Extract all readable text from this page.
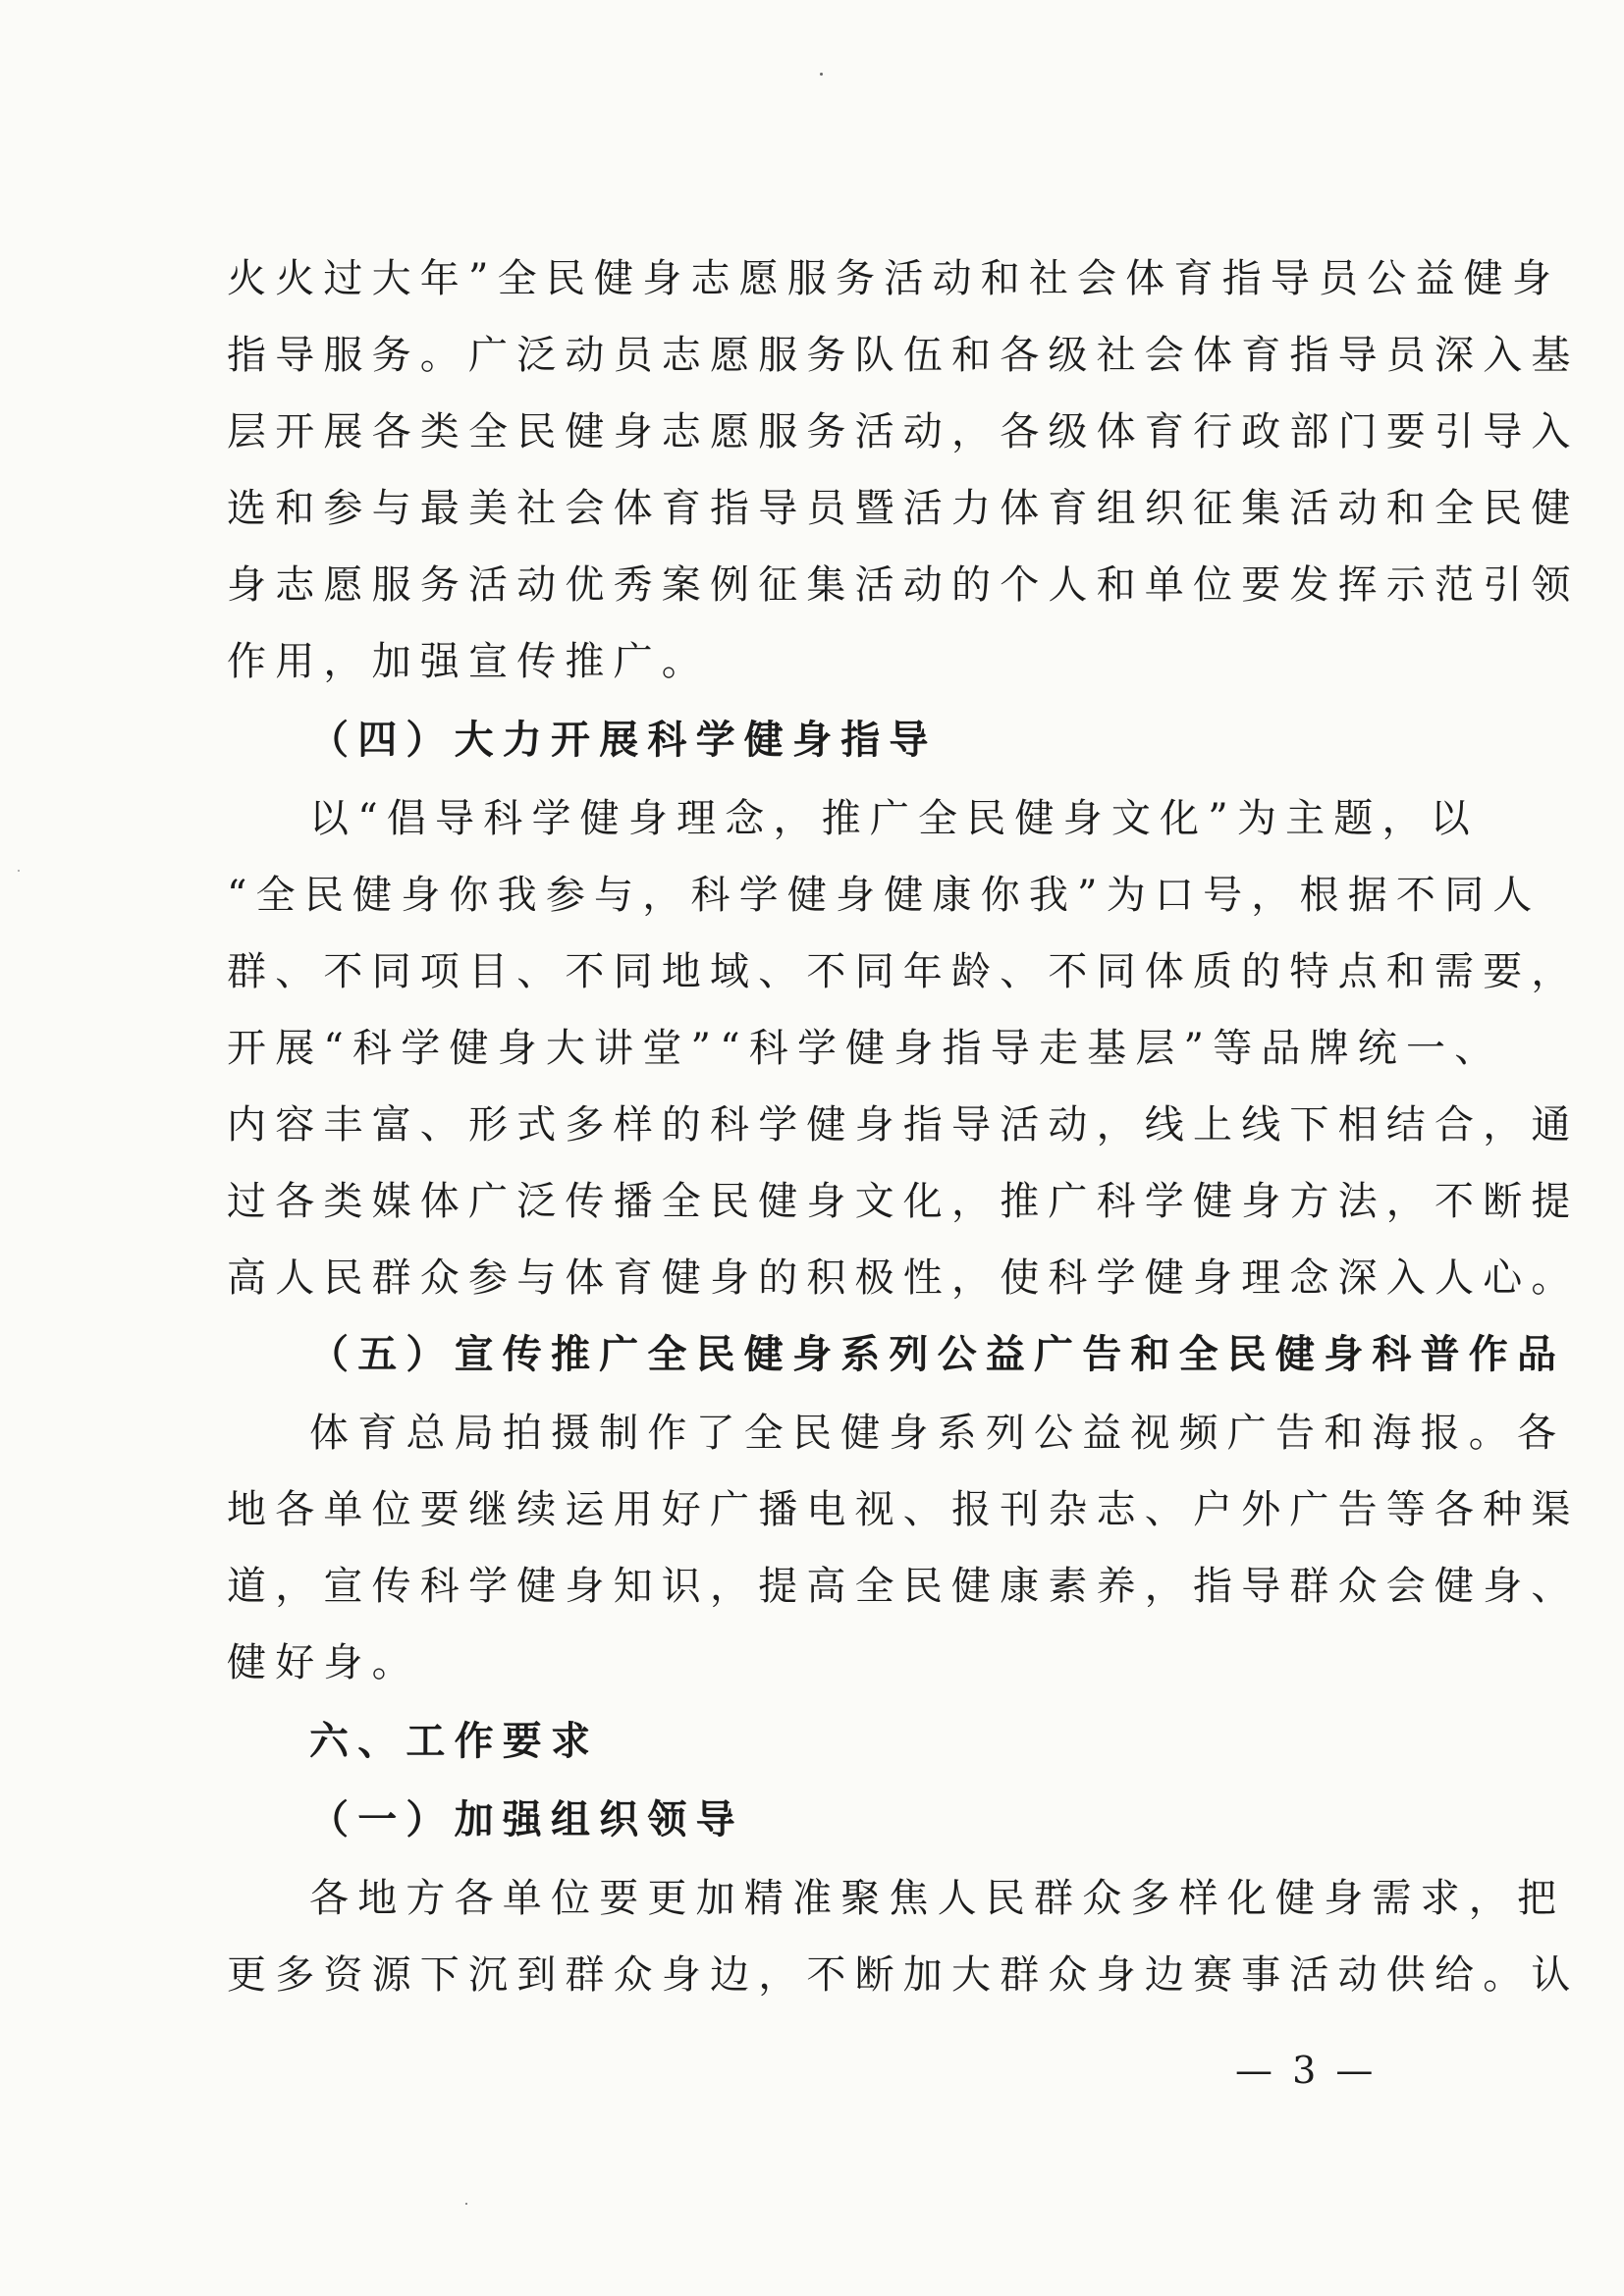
火火过大年”全民健身志愿服务活动和社会体育指导员公益健身
指导服务。广泛动员志愿服务队伍和各级社会体育指导员深入基
层开展各类全民健身志愿服务活动，各级体育行政部门要引导入
选和参与最美社会体育指导员暨活力体育组织征集活动和全民健
身志愿服务活动优秀案例征集活动的个人和单位要发挥示范引领
作用，加强宣传推广。
（四）大力开展科学健身指导
以“倡导科学健身理念，推广全民健身文化”为主题，以
“全民健身你我参与，科学健身健康你我”为口号，根据不同人
群、不同项目、不同地域、不同年龄、不同体质的特点和需要，
开展“科学健身大讲堂”“科学健身指导走基层”等品牌统一、
内容丰富、形式多样的科学健身指导活动，线上线下相结合，通
过各类媒体广泛传播全民健身文化，推广科学健身方法，不断提
高人民群众参与体育健身的积极性，使科学健身理念深入人心。
（五）宣传推广全民健身系列公益广告和全民健身科普作品
体育总局拍摄制作了全民健身系列公益视频广告和海报。各
地各单位要继续运用好广播电视、报刊杂志、户外广告等各种渠
道，宣传科学健身知识，提高全民健康素养，指导群众会健身、
健好身。
六、工作要求
（一）加强组织领导
各地方各单位要更加精准聚焦人民群众多样化健身需求，把
更多资源下沉到群众身边，不断加大群众身边赛事活动供给。认
— 3 —
